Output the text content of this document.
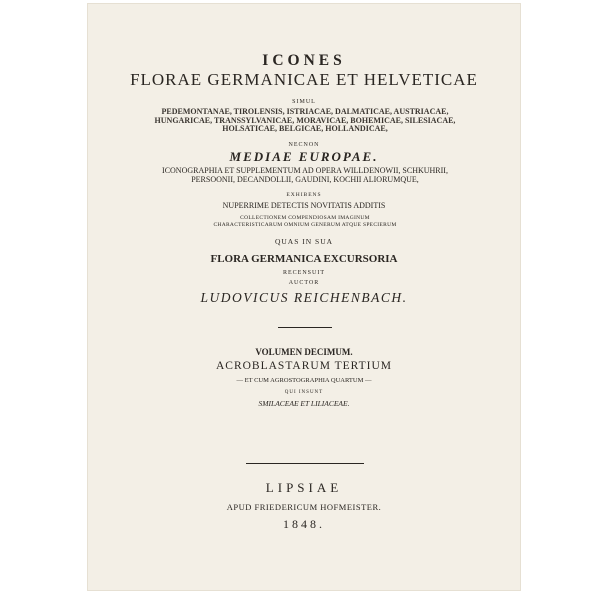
ICONES
FLORAE GERMANICAE ET HELVETICAE
SIMUL
PEDEMONTANAE, TIROLENSIS, ISTRIACAE, DALMATICAE, AUSTRIACAE, HUNGARICAE, TRANSSYLVANICAE, MORAVICAE, BOHEMICAE, SILESIACAE, HOLSATICAE, BELGICAE, HOLLANDICAE,
NECNON
MEDIAE EUROPAE.
ICONOGRAPHIA ET SUPPLEMENTUM AD OPERA WILLDENOWII, SCHKUHRII, PERSOONII, DECANDOLLII, GAUDINI, KOCHII ALIORUMQUE,
EXHIBENS
NUPERRIME DETECTIS NOVITATIS ADDITIS
COLLECTIONEM COMPENDIOSAM IMAGINUM CHARACTERISTICARUM OMNIUM GENERUM ATQUE SPECIERUM
QUAS IN SUA
FLORA GERMANICA EXCURSORIA
RECENSUIT
AUCTOR
LUDOVICUS REICHENBACH.
VOLUMEN DECIMUM.
ACROBLASTARUM TERTIUM
— ET CUM AGROSTOGRAPHIA QUARTUM —
QUI INSUNT
SMILACEAE ET LILIACEAE.
LIPSIAE
APUD FRIEDERICUM HOFMEISTER.
1848.
